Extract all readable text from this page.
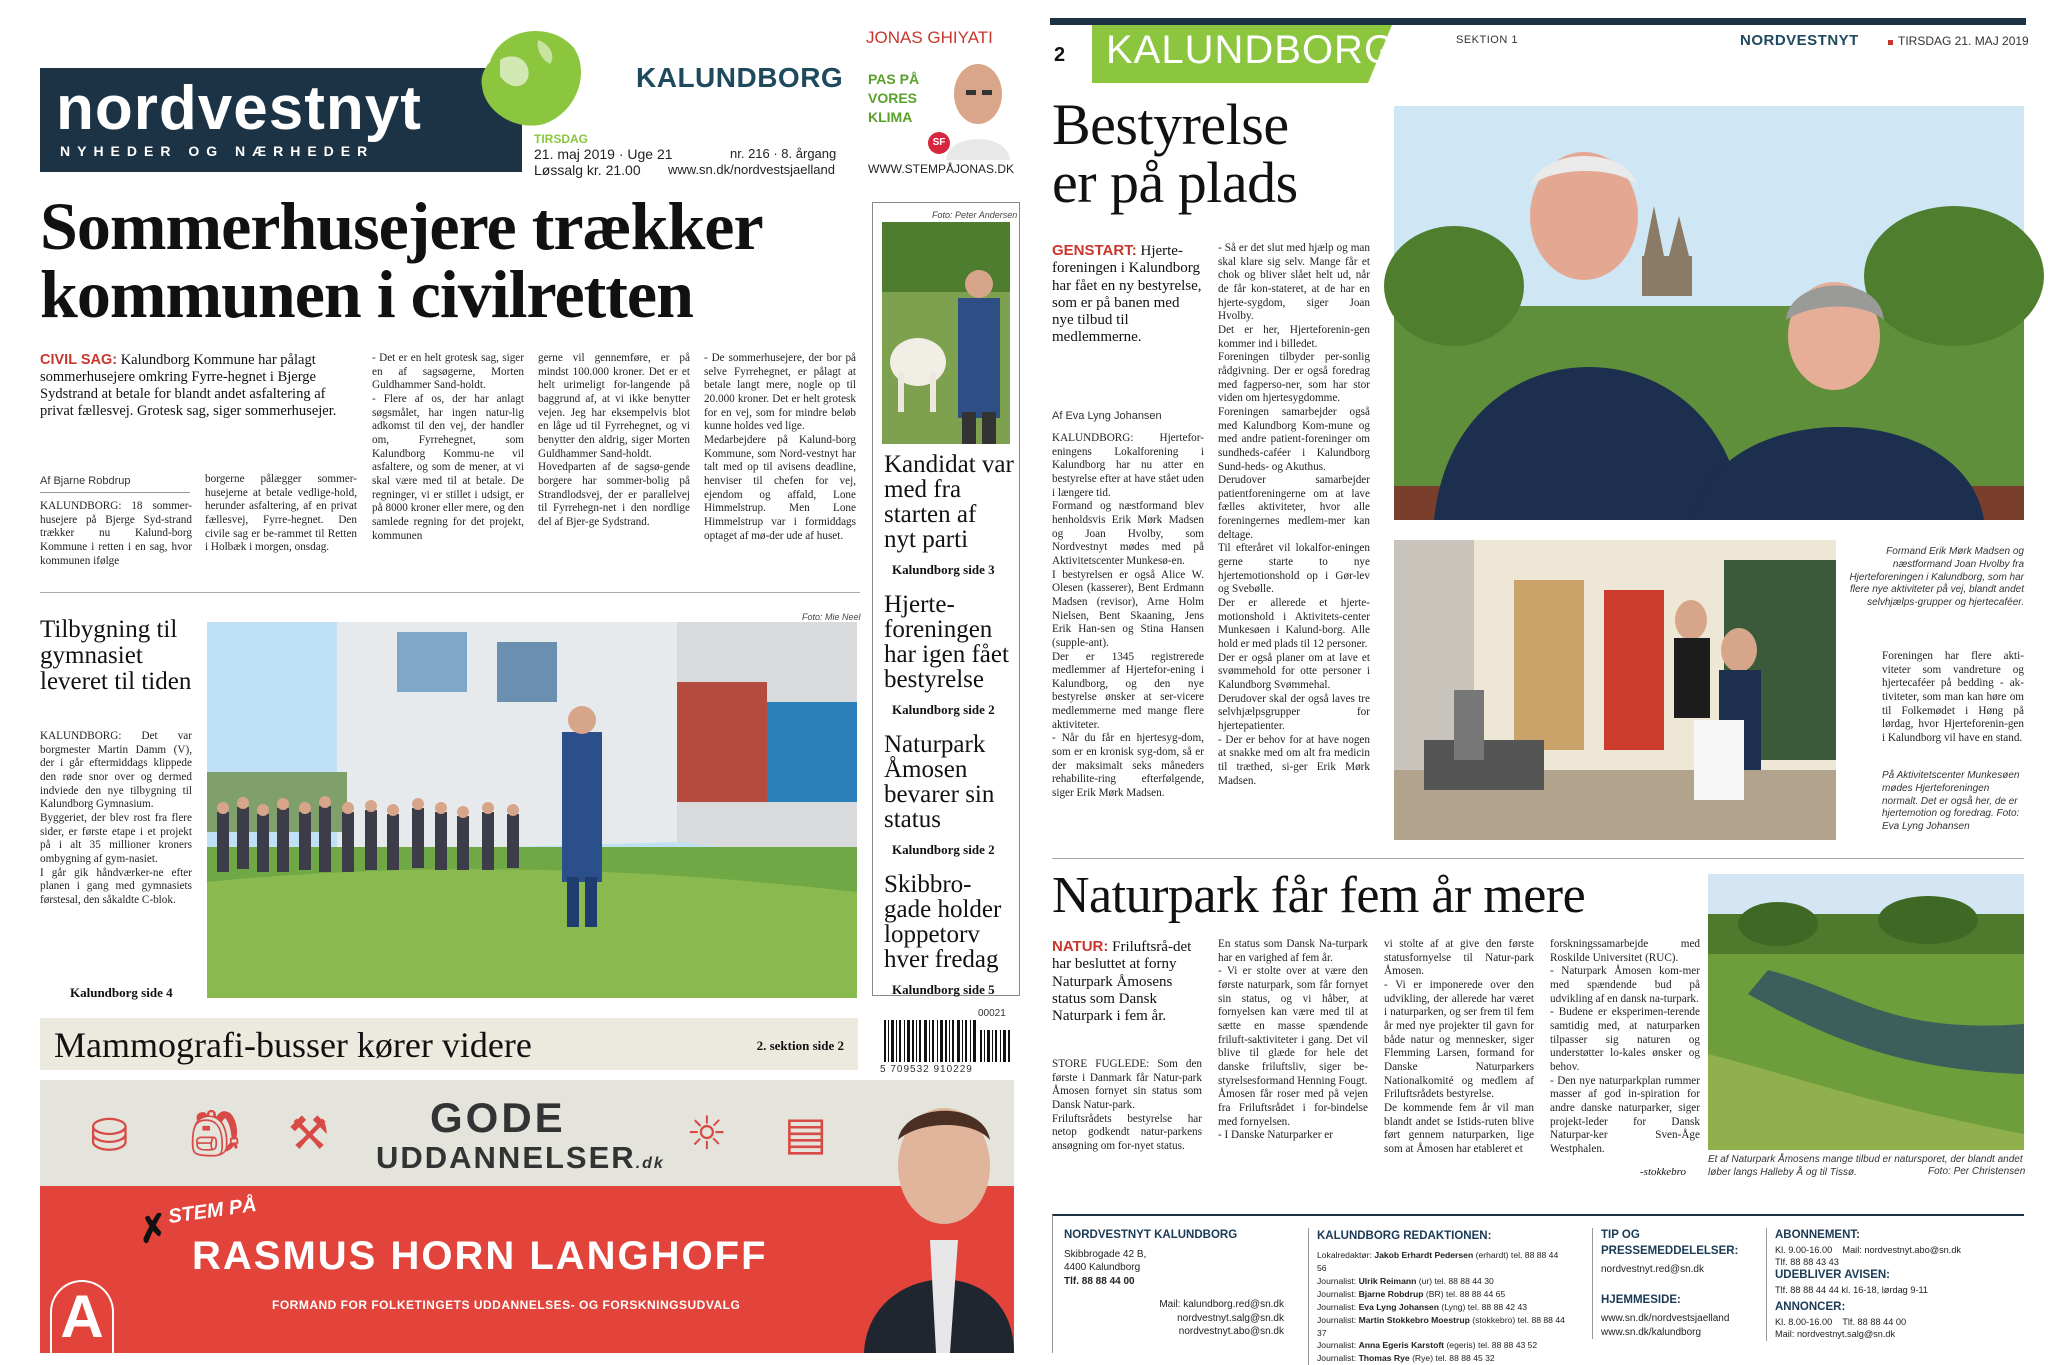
nordvestnyt
NYHEDER OG NÆRHEDER
KALUNDBORG
TIRSDAG
21. maj 2019 · Uge 21
Løssalg kr. 21.00
nr. 216 · 8. årgang
www.sn.dk/nordvestsjaelland
JONAS GHIYATI
PAS PÅ
VORES
KLIMA
SF
WWW.STEMPÅJONAS.DK
Sommerhusejere trækker
kommunen i civilretten
CIVIL SAG: Kalundborg Kommune har pålagt sommerhusejere omkring Fyrre-hegnet i Bjerge Sydstrand at betale for blandt andet asfaltering af privat fællesvej. Grotesk sag, siger sommerhusejer.
Af Bjarne Robdrup
KALUNDBORG: 18 sommer-husejere på Bjerge Syd-strand trækker nu Kalund-borg Kommune i retten i en sag, hvor kommunen ifølge
borgerne pålægger sommer-husejerne at betale vedlige-hold, herunder asfaltering, af en privat fællesvej, Fyrre-hegnet. Den civile sag er be-rammet til Retten i Holbæk i morgen, onsdag.
- Det er en helt grotesk sag, siger en af sagsøgerne, Morten Guldhammer Sand-holdt.
- Flere af os, der har anlagt søgsmålet, har ingen natur-lig adkomst til den vej, der handler om, Fyrrehegnet, som Kalundborg Kommu-ne vil asfaltere, og som de mener, at vi skal være med til at betale. De regninger, vi er stillet i udsigt, er på 8000 kroner eller mere, og den samlede regning for det projekt, kommunen
gerne vil gennemføre, er på mindst 100.000 kroner. Det er et helt urimeligt for-langende på baggrund af, at vi ikke benytter vejen. Jeg har eksempelvis blot en låge ud til Fyrrehegnet, og vi benytter den aldrig, siger Morten Guldhammer Sand-holdt.
Hovedparten af de sagsø-gende borgere har sommer-bolig på Strandlodsvej, der er parallelvej til Fyrrehegn-net i den nordlige del af Bjer-ge Sydstrand.
- De sommerhusejere, der bor på selve Fyrrehegnet, er pålagt at betale langt mere, nogle op til 20.000 kroner. Det er helt grotesk for en vej, som for mindre beløb kunne holdes ved lige.
Medarbejdere på Kalund-borg Kommune, som Nord-vestnyt har talt med op til avisens deadline, henviser til chefen for vej, ejendom og affald, Lone Himmelstrup. Men Lone Himmelstrup var i formiddags optaget af mø-der ude af huset.
Tilbygning til gymnasiet leveret til tiden
KALUNDBORG: Det var borgmester Martin Damm (V), der i går eftermiddags klippede den røde snor over og dermed indviede den nye tilbygning til Kalundborg Gymnasium.
Byggeriet, der blev rost fra flere sider, er første etape i et projekt på i alt 35 millioner kroners ombygning af gym-nasiet.
I går gik håndværker-ne efter planen i gang med gymnasiets førstesal, den såkaldte C-blok.
Kalundborg side 4
Foto: Mie Neel
Foto: Peter Andersen
Kandidat var med fra starten af nyt parti
Kalundborg side 3
Hjerte-foreningen har igen fået bestyrelse
Kalundborg side 2
Naturpark Åmosen bevarer sin status
Kalundborg side 2
Skibbro-gade holder loppetorv hver fredag
Kalundborg side 5
Mammografi-busser kører videre	2. sektion side 2
00021
5 709532 910229
⛁ 🎒︎ ⚒	☼ ▤
GODE
UDDANNELSER.dk
A
✗
STEM PÅ
RASMUS HORN LANGHOFF
FORMAND FOR FOLKETINGETS UDDANNELSES- OG FORSKNINGSUDVALG
2 KALUNDBORG	SEKTION 1	NORDVESTNYT	TIRSDAG 21. MAJ 2019
Bestyrelse
er på plads
GENSTART: Hjerte-foreningen i Kalundborg har fået en ny bestyrelse, som er på banen med nye tilbud til medlemmerne.
Af Eva Lyng Johansen
KALUNDBORG: Hjertefor-eningens Lokalforening i Kalundborg har nu atter en bestyrelse efter at have stået uden i længere tid.
Formand og næstformand blev henholdsvis Erik Mørk Madsen og Joan Hvolby, som Nordvestnyt mødes med på Aktivitetscenter Munkesø-en.
I bestyrelsen er også Alice W. Olesen (kasserer), Bent Erdmann Madsen (revisor), Arne Holm Nielsen, Bent Skaaning, Jens Erik Han-sen og Stina Hansen (supple-ant).
Der er 1345 registrerede medlemmer af Hjertefor-ening i Kalundborg, og den nye bestyrelse ønsker at ser-vicere medlemmerne med mange flere aktiviteter.
- Når du får en hjertesyg-dom, som er en kronisk syg-dom, så er der maksimalt seks måneders rehabilite-ring efterfølgende, siger Erik Mørk Madsen.
- Så er det slut med hjælp og man skal klare sig selv. Mange får et chok og bliver slået helt ud, når de får kon-stateret, at de har en hjerte-sygdom, siger Joan Hvolby.
Det er her, Hjerteforenin-gen kommer ind i billedet.
Foreningen tilbyder per-sonlig rådgivning. Der er også foredrag med fagperso-ner, som har stor viden om hjertesygdomme.
Foreningen samarbejder også med Kalundborg Kom-mune og med andre patient-foreninger om sundheds-caféer i Kalundborg Sund-heds- og Akuthus.
Derudover samarbejder patientforeningerne om at lave fælles aktiviteter, hvor alle foreningernes medlem-mer kan deltage.
Til efteråret vil lokalfor-eningen gerne starte to nye hjertemotionshold op i Gør-lev og Svebølle.
Der er allerede et hjerte-motionshold i Aktivitets-center Munkesøen i Kalund-borg. Alle hold er med plads til 12 personer.
Der er også planer om at lave et svømmehold for otte personer i Kalundborg Svømmehal.
Derudover skal der også laves tre selvhjælpsgrupper for hjertepatienter.
- Der er behov for at have nogen at snakke med om alt fra medicin til træthed, si-ger Erik Mørk Madsen.
Formand Erik Mørk Madsen og næstformand Joan Hvolby fra Hjerteforeningen i Kalundborg, som har flere nye aktiviteter på vej, blandt andet selvhjælps-grupper og hjertecaféer.
Foreningen har flere akti-viteter som vandreture og hjertecaféer på bedding - ak-tiviteter, som man kan høre om til Folkemødet i Høng på lørdag, hvor Hjerteforenin-gen i Kalundborg vil have en stand.
På Aktivitetscenter Munkesøen mødes Hjerteforeningen normalt. Det er også her, de er hjertemotion og foredrag. Foto: Eva Lyng Johansen
Naturpark får fem år mere
NATUR: Friluftsrå-det har besluttet at forny Naturpark Åmosens status som Dansk Naturpark i fem år.
STORE FUGLEDE: Som den første i Danmark får Natur-park Åmosen fornyet sin status som Dansk Natur-park.
Friluftsrådets bestyrelse har netop godkendt natur-parkens ansøgning om for-nyet status.
En status som Dansk Na-turpark har en varighed af fem år.
- Vi er stolte over at være den første naturpark, som får fornyet sin status, og vi håber, at fornyelsen kan være med til at sætte en masse spændende friluft-saktiviteter i gang. Det vil blive til glæde for hele det danske friluftsliv, siger be-styrelsesformand Henning Fougt.
Åmosen får roser med på vejen fra Friluftsrådet i for-bindelse med fornyelsen.
- I Danske Naturparker er
vi stolte af at give den første statusfornyelse til Natur-park Åmosen.
- Vi er imponerede over den udvikling, der allerede har været i naturparken, og ser frem til fem år med nye projekter til gavn for både natur og mennesker, siger Flemming Larsen, formand for Danske Naturparkers Nationalkomité og medlem af Friluftsrådets bestyrelse.
De kommende fem år vil man blandt andet se Istids-ruten blive ført gennem naturparken, lige som at Åmosen har etableret et
forskningssamarbejde med Roskilde Universitet (RUC).
- Naturpark Åmosen kom-mer med spændende bud på udvikling af en dansk na-turpark.
- Budene er eksperimen-terende samtidig med, at naturparken tilpasser sig naturen og understøtter lo-kales ønsker og behov.
- Den nye naturparkplan rummer masser af god in-spiration for andre danske naturparker, siger projekt-leder for Dansk Naturpar-ker Sven-Åge Westphalen.
-stokkebro
Et af Naturpark Åmosens mange tilbud er natursporet, der blandt andet løber langs Halleby Å og til Tissø.	Foto: Per Christensen
NORDVESTNYT KALUNDBORG
Skibbrogade 42 B,
4400 Kalundborg
Tlf. 88 88 44 00
Mail: kalundborg.red@sn.dk
nordvestnyt.salg@sn.dk
nordvestnyt.abo@sn.dk
KALUNDBORG REDAKTIONEN:
Lokalredaktør: Jakob Erhardt Pedersen (erhardt) tel. 88 88 44 56
Journalist: Ulrik Reimann (ur) tel. 88 88 44 30
Journalist: Bjarne Robdrup (BR) tel. 88 88 44 65
Journalist: Eva Lyng Johansen (Lyng) tel. 88 88 42 43
Journalist: Martin Stokkebro Moestrup (stokkebro) tel. 88 88 44 37
Journalist: Anna Egeris Karstoft (egeris) tel. 88 88 43 52
Journalist: Thomas Rye (Rye) tel. 88 88 45 32
TIP OG PRESSEMEDDELELSER:
nordvestnyt.red@sn.dk
HJEMMESIDE:
www.sn.dk/nordvestsjaelland
www.sn.dk/kalundborg
ABONNEMENT:
Kl. 9.00-16.00    Mail: nordvestnyt.abo@sn.dk
Tlf. 88 88 43 43
UDEBLIVER AVISEN:
Tlf. 88 88 44 44 kl. 16-18, lørdag 9-11
ANNONCER:
Kl. 8.00-16.00    Tlf. 88 88 44 00
Mail: nordvestnyt.salg@sn.dk
